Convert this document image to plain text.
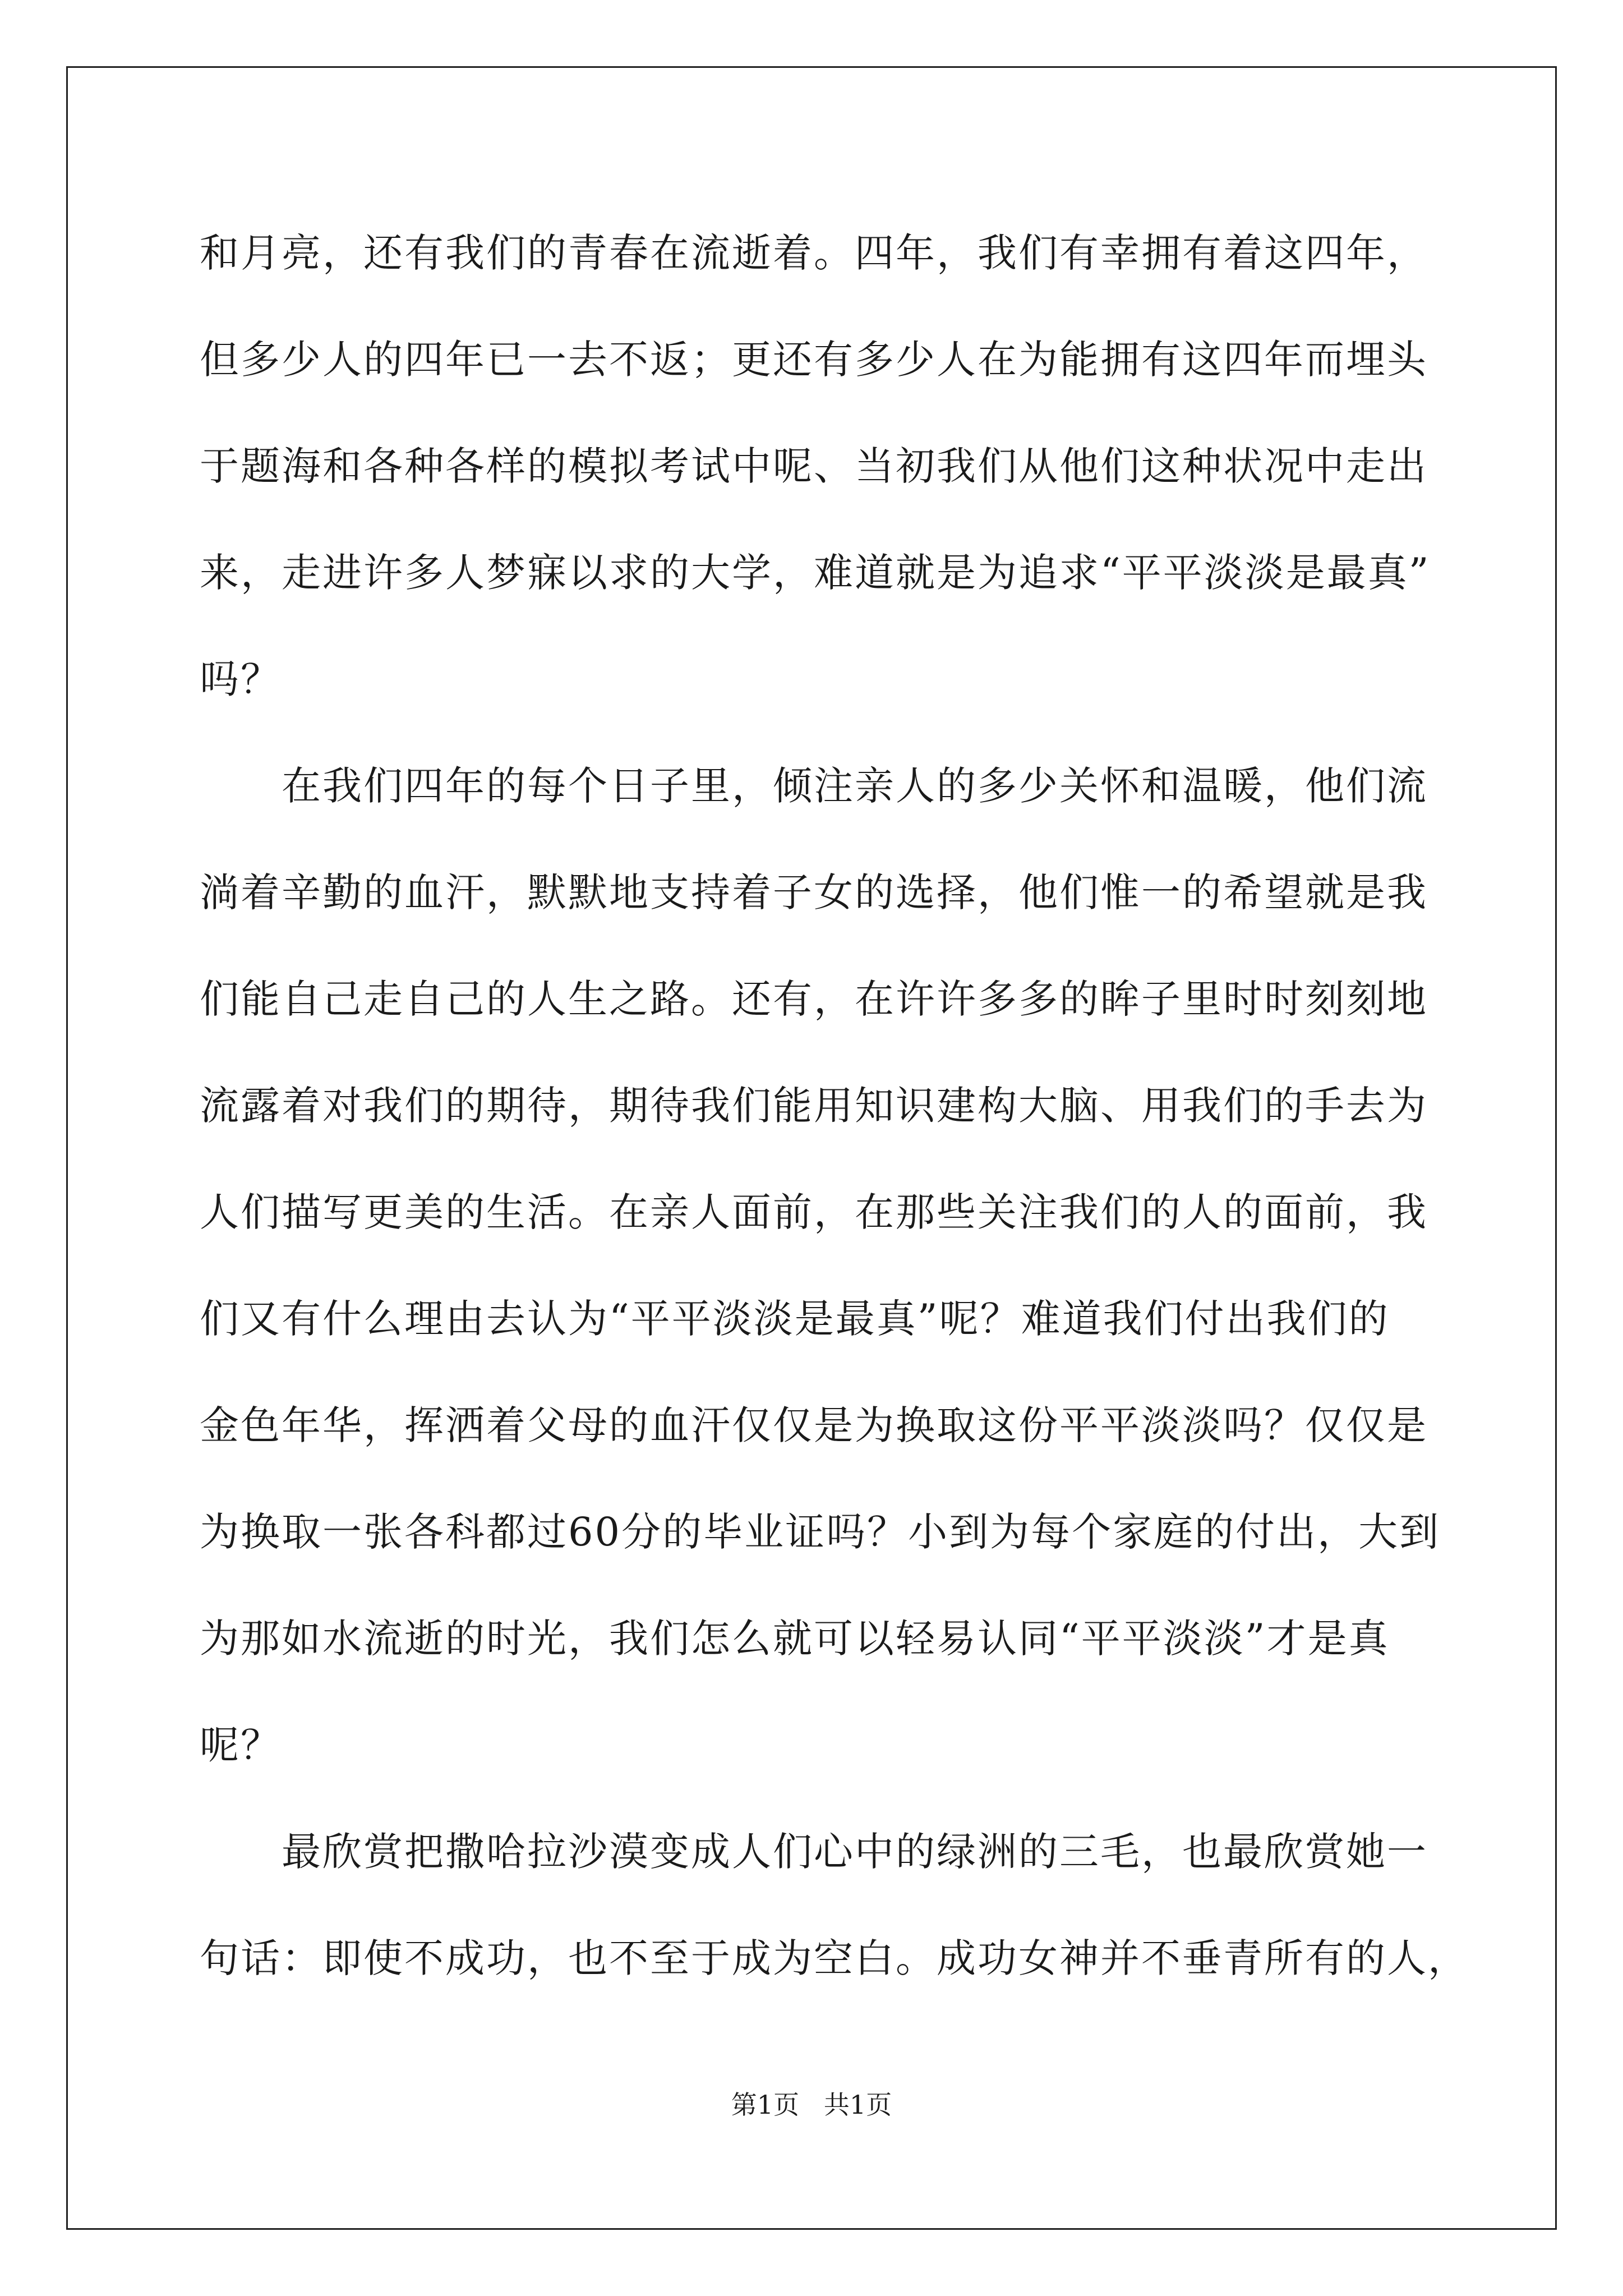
和月亮，还有我们的青春在流逝着。四年，我们有幸拥有着这四年，
但多少人的四年已一去不返；更还有多少人在为能拥有这四年而埋头
于题海和各种各样的模拟考试中呢、当初我们从他们这种状况中走出
来，走进许多人梦寐以求的大学，难道就是为追求“平平淡淡是最真”
吗？
　　在我们四年的每个日子里，倾注亲人的多少关怀和温暖，他们流
淌着辛勤的血汗，默默地支持着子女的选择，他们惟一的希望就是我
们能自己走自己的人生之路。还有，在许许多多的眸子里时时刻刻地
流露着对我们的期待，期待我们能用知识建构大脑、用我们的手去为
人们描写更美的生活。在亲人面前，在那些关注我们的人的面前，我
们又有什么理由去认为“平平淡淡是最真”呢？难道我们付出我们的
金色年华，挥洒着父母的血汗仅仅是为换取这份平平淡淡吗？仅仅是
为换取一张各科都过60分的毕业证吗？小到为每个家庭的付出，大到
为那如水流逝的时光，我们怎么就可以轻易认同“平平淡淡”才是真
呢？
　　最欣赏把撒哈拉沙漠变成人们心中的绿洲的三毛，也最欣赏她一
句话：即使不成功，也不至于成为空白。成功女神并不垂青所有的人，
第1页   共1页
